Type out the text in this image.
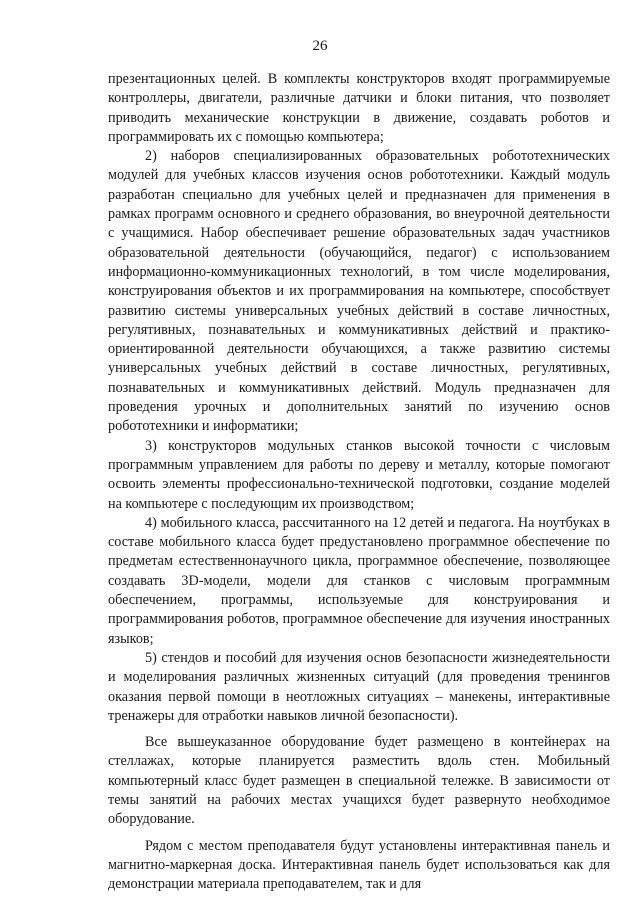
26

презентационных целей. В комплекты конструкторов входят программируемые контроллеры, двигатели, различные датчики и блоки питания, что позволяет приводить механические конструкции в движение, создавать роботов и программировать их с помощью компьютера;

2) наборов специализированных образовательных робототехнических модулей для учебных классов изучения основ робототехники. Каждый модуль разработан специально для учебных целей и предназначен для применения в рамках программ основного и среднего образования, во внеурочной деятельности с учащимися. Набор обеспечивает решение образовательных задач участников образовательной деятельности (обучающийся, педагог) с использованием информационно-коммуникационных технологий, в том числе моделирования, конструирования объектов и их программирования на компьютере, способствует развитию системы универсальных учебных действий в составе личностных, регулятивных, познавательных и коммуникативных действий и практико-ориентированной деятельности обучающихся, а также развитию системы универсальных учебных действий в составе личностных, регулятивных, познавательных и коммуникативных действий. Модуль предназначен для проведения урочных и дополнительных занятий по изучению основ робототехники и информатики;

3) конструкторов модульных станков высокой точности с числовым программным управлением для работы по дереву и металлу, которые помогают освоить элементы профессионально-технической подготовки, создание моделей на компьютере с последующим их производством;

4) мобильного класса, рассчитанного на 12 детей и педагога. На ноутбуках в составе мобильного класса будет предустановлено программное обеспечение по предметам естественнонаучного цикла, программное обеспечение, позволяющее создавать 3D-модели, модели для станков с числовым программным обеспечением, программы, используемые для конструирования и программирования роботов, программное обеспечение для изучения иностранных языков;

5) стендов и пособий для изучения основ безопасности жизнедеятельности и моделирования различных жизненных ситуаций (для проведения тренингов оказания первой помощи в неотложных ситуациях – манекены, интерактивные тренажеры для отработки навыков личной безопасности).

Все вышеуказанное оборудование будет размещено в контейнерах на стеллажах, которые планируется разместить вдоль стен. Мобильный компьютерный класс будет размещен в специальной тележке. В зависимости от темы занятий на рабочих местах учащихся будет развернуто необходимое оборудование.

Рядом с местом преподавателя будут установлены интерактивная панель и магнитно-маркерная доска. Интерактивная панель будет использоваться как для демонстрации материала преподавателем, так и для
